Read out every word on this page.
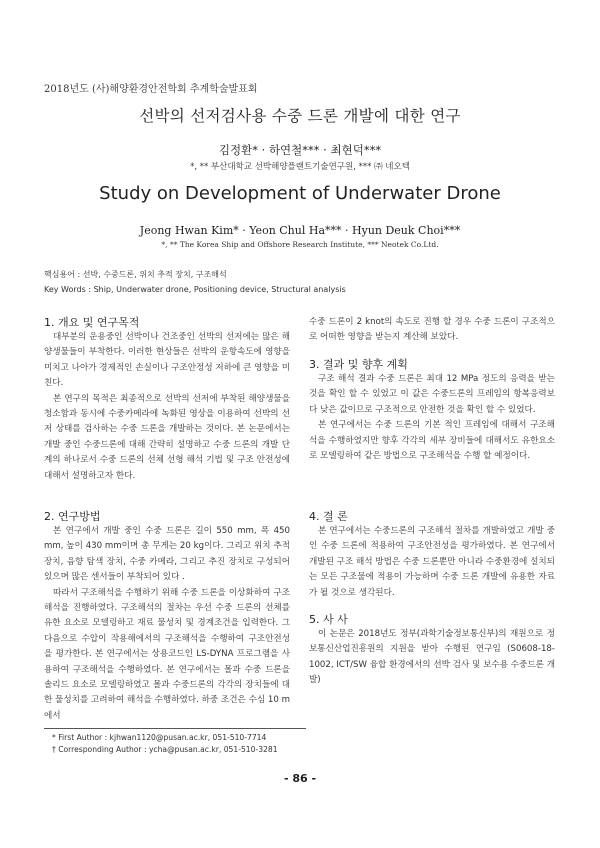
2018년도 (사)해양환경안전학회 추계학술발표회
선박의 선저검사용 수중 드론 개발에 대한 연구
김정환* · 하연철*** · 최현덕***
*, ** 부산대학교 선박해양플랜트기술연구원, *** ㈜ 네오텍
Study on Development of Underwater Drone
Jeong Hwan Kim* · Yeon Chul Ha*** · Hyun Deuk Choi***
*, ** The Korea Ship and Offshore Research Institute, *** Neotek Co.Ltd.
핵심용어 : 선박, 수중드론, 위치 추적 장치, 구조해석
Key Words : Ship, Underwater drone, Positioning device, Structural analysis
1. 개요 및 연구목적

대부분의 운용중인 선박이나 건조중인 선박의 선저에는 많은 해양생물들이 부착한다. 이러한 현상들은 선박의 운항속도에 영향을 미치고 나아가 경제적인 손실이나 구조안정성 저하에 큰 영향을 미친다.

본 연구의 목적은 최종적으로 선박의 선저에 부착된 해양생물을 청소함과 동시에 수중카메라에 녹화된 영상을 이용하여 선박의 선저 상태를 검사하는 수중 드론을 개발하는 것이다. 본 논문에서는 개발 중인 수중드론에 대해 간략히 설명하고 수중 드론의 개발 단계의 하나로서 수중 드론의 선체 선형 해석 기법 및 구조 안전성에 대해서 설명하고자 한다.

2. 연구방법

본 연구에서 개발 중인 수중 드론은 길이 550 mm, 폭 450 mm, 높이 430 mm이며 총 무게는 20 kg이다. 그리고 위치 추적 장치, 음향 탐색 장치, 수중 카메라, 그리고 추진 장치로 구성되어 있으며 많은 센서들이 부착되어 있다 .

따라서 구조해석을 수행하기 위해 수중 드론을 이상화하여 구조해석을 진행하였다. 구조해석의 절차는 우선 수중 드론의 선체를 유한 요소로 모델링하고 재료 물성치 및 경계조건을 입력한다. 그 다음으로 수압이 작용해에서의 구조해석을 수행하여 구조안전성을 평가한다. 본 연구에서는 상용코드인 LS-DYNA 프로그램을 사용하여 구조해석을 수행하였다. 본 연구에서는 몰과 수중 드론을 솔리드 요소로 모델링하였고 몰과 수중드론의 각각의 장치들에 대한 물성치를 고려하여 해석을 수행하였다. 하중 조건은 수심 10 m에서

수중 드론이 2 knot의 속도로 진행 할 경우 수중 드론이 구조적으로 어떠한 영향을 받는지 계산해 보았다.

3. 결과 및 향후 계획

구조 해석 결과 수중 드론은 최대 12 MPa 정도의 응력을 받는 것을 확인 할 수 있었고 이 값은 수중드론의 프레임의 항복응력보다 낮은 값이므로 구조적으로 안전한 것을 확인 할 수 있었다.

본 연구에서는 수중 드론의 기본 적인 프레임에 대해서 구조해석을 수행하였지만 향후 각각의 세부 장비들에 대해서도 유한요소로 모델링하여 같은 방법으로 구조해석을 수행 할 예정이다.

4. 결 론

본 연구에서는 수중드론의 구조해석 절차를 개발하였고 개발 중인 수중 드론에 적용하여 구조안전성을 평가하였다. 본 연구에서 개발된 구조 해석 방법은 수중 드론뿐만 아니라 수중환경에 설치되는 모든 구조물에 적용이 가능하며 수중 드론 개발에 유용한 자료가 될 것으로 생각된다.

5. 사 사

이 논문은 2018년도 정부(과학기술정보통신부)의 재원으로 정보통신산업진흥원의 지원을 받아 수행된 연구임 (S0608-18-1002, ICT/SW 융합 환경에서의 선박 검사 및 보수용 수중드론 개발)

* First Author : kjhwan1120@pusan.ac.kr, 051-510-7714
† Corresponding Author : ycha@pusan.ac.kr, 051-510-3281
- 86 -
